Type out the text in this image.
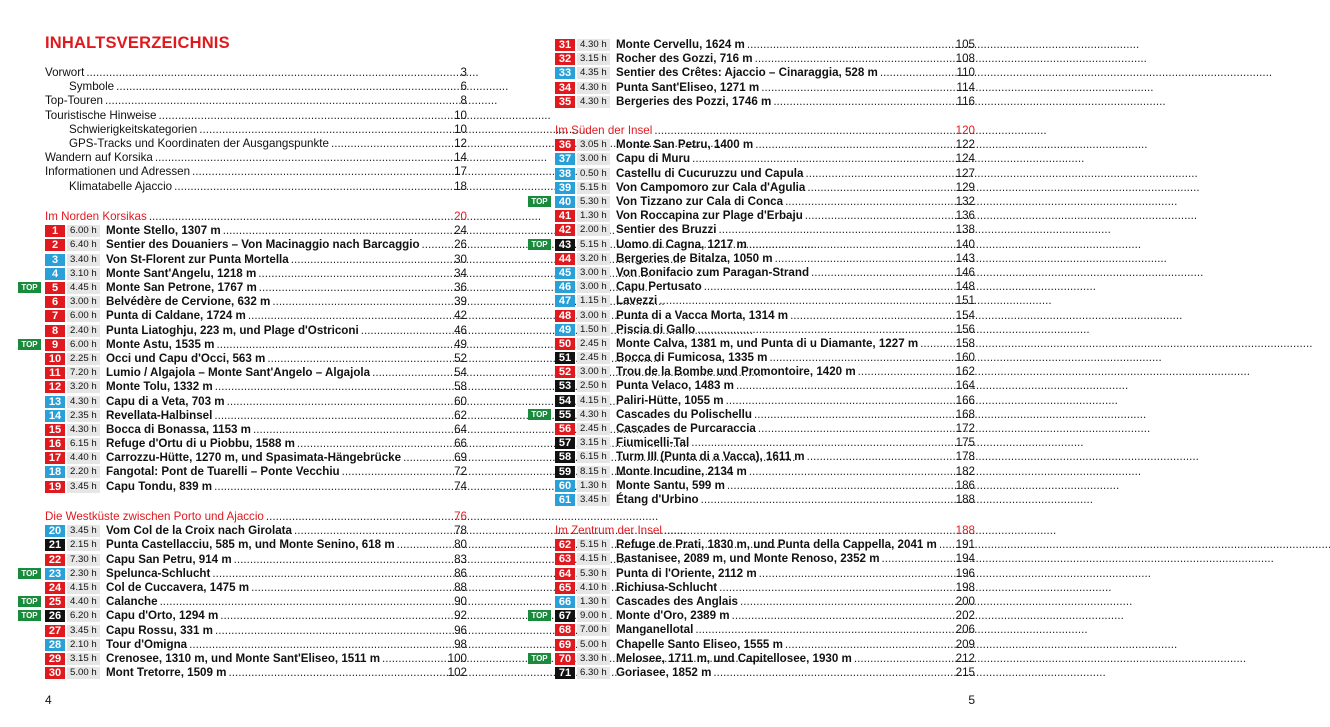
INHALTSVERZEICHNIS
Vorwort . . .	3
Symbole . . .	6
Top-Touren . . .	8
Touristische Hinweise . . .	10
Schwierigkeitskategorien . . .	10
GPS-Tracks und Koordinaten der Ausgangspunkte . . .	12
Wandern auf Korsika . . .	14
Informationen und Adressen . . .	17
Klimatabelle Ajaccio . . .	18
Im Norden Korsikas . . .	20
1	6.00 h Monte Stello, 1307 m . . .	24
2	6.40 h Sentier des Douaniers – Von Macinaggio nach Barcaggio . . .	26
3	3.40 h Von St-Florent zur Punta Mortella . . .	30
4	3.10 h Monte Sant'Angelu, 1218 m . . .	34
TOP	5	4.45 h Monte San Petrone, 1767 m . . .	36
6	3.00 h Belvédère de Cervione, 632 m . . .	39
7	6.00 h Punta di Caldane, 1724 m . . .	42
8	2.40 h Punta Liatoghju, 223 m, und Plage d'Ostriconi . . .	46
TOP	9	6.00 h Monte Astu, 1535 m . . .	49
10 2.25 h Occi und Capu d'Occi, 563 m . . .	52
11 7.20 h Lumio / Algajola – Monte Sant'Angelo – Algajola . . .	54
12 3.20 h Monte Tolu, 1332 m . . .	58
13 4.30 h Capu di a Veta, 703 m . . .	60
14 2.35 h Revellata-Halbinsel . . .	62
15 4.30 h Bocca di Bonassa, 1153 m . . .	64
16 6.15 h Refuge d'Ortu di u Piobbu, 1588 m . . .	66
17 4.40 h Carrozzu-Hütte, 1270 m, und Spasimata-Hängebrücke . . .	69
18 2.20 h Fangotal: Pont de Tuarelli – Ponte Vecchiu . . .	72
19 3.45 h Capu Tondu, 839 m . . .	74
Die Westküste zwischen Porto und Ajaccio . . .	76
20 3.45 h Vom Col de la Croix nach Girolata . . .	78
21 2.15 h Punta Castellacciu, 585 m, und Monte Senino, 618 m . . .	80
22 7.30 h Capu San Petru, 914 m . . .	83
TOP	23 2.30 h Spelunca-Schlucht . . .	86
24 4.15 h Col de Cuccavera, 1475 m . . .	88
TOP	25 4.40 h Calanche . . .	90
TOP	26 6.20 h Capu d'Orto, 1294 m . . .	92
27 3.45 h Capu Rossu, 331 m . . .	96
28 2.10 h Tour d'Omigna . . .	98
29 3.15 h Crenosee, 1310 m, und Monte Sant'Eliseo, 1511 m . . .	100
30 5.00 h Mont Tretorre, 1509 m . . .	102
4
31 4.30 h Monte Cervellu, 1624 m . . .	105
32 3.15 h Rocher des Gozzi, 716 m . . .	108
33 4.35 h Sentier des Crêtes: Ajaccio – Cinaraggia, 528 m . . .	110
34 4.30 h Punta Sant'Eliseo, 1271 m . . .	114
35 4.30 h Bergeries des Pozzi, 1746 m . . .	116
Im Süden der Insel . . .	120
36 3.05 h Monte San Petru, 1400 m . . .	122
37 3.00 h Capu di Muru . . .	124
38 0.50 h Castellu di Cucuruzzu und Capula . . .	127
39 5.15 h Von Campomoro zur Cala d'Agulia . . .	129
TOP	40 5.30 h Von Tizzano zur Cala di Conca . . .	132
41 1.30 h Von Roccapina zur Plage d'Erbaju . . .	136
42 2.00 h Sentier des Bruzzi . . .	138
TOP	43 5.15 h Uomo di Cagna, 1217 m . . .	140
44 3.20 h Bergeries de Bitalza, 1050 m . . .	143
45 3.00 h Von Bonifacio zum Paragan-Strand . . .	146
46 3.00 h Capu Pertusato . . .	148
47 1.15 h Lavezzi . . .	151
48 3.00 h Punta di a Vacca Morta, 1314 m . . .	154
49 1.50 h Piscia di Gallo . . .	156
50 2.45 h Monte Calva, 1381 m, und Punta di u Diamante, 1227 m . . .	158
51 2.45 h Bocca di Fumicosa, 1335 m . . .	160
52 3.00 h Trou de la Bombe und Promontoire, 1420 m . . .	162
53 2.50 h Punta Velaco, 1483 m . . .	164
54 4.15 h Paliri-Hütte, 1055 m . . .	166
TOP	55 4.30 h Cascades du Polischellu . . .	168
56 2.45 h Cascades de Purcaraccia . . .	172
57 3.15 h Fiumicelli-Tal . . .	175
58 6.15 h Turm III (Punta di a Vacca), 1611 m . . .	178
59 8.15 h Monte Incudine, 2134 m . . .	182
60 1.30 h Monte Santu, 599 m . . .	186
61 3.45 h Étang d'Urbino . . .	188
Im Zentrum der Insel . . .	188
62 5.15 h Refuge de Prati, 1830 m, und Punta della Cappella, 2041 m . . . 191
63 4.15 h Bastanisee, 2089 m, und Monte Renoso, 2352 m . . .	194
64 5.30 h Punta di l'Oriente, 2112 m . . .	196
65 4.10 h Richiusa-Schlucht . . .	198
66 1.30 h Cascades des Anglais . . .	200
TOP	67 9.00 h Monte d'Oro, 2389 m . . .	202
68 7.00 h Manganellotal . . .	206
69 5.00 h Chapelle Santo Eliseo, 1555 m . . .	209
TOP	70 3.30 h Melosee, 1711 m, und Capitellosee, 1930 m . . .	212
71 6.30 h Goriasee, 1852 m . . .	215
5
